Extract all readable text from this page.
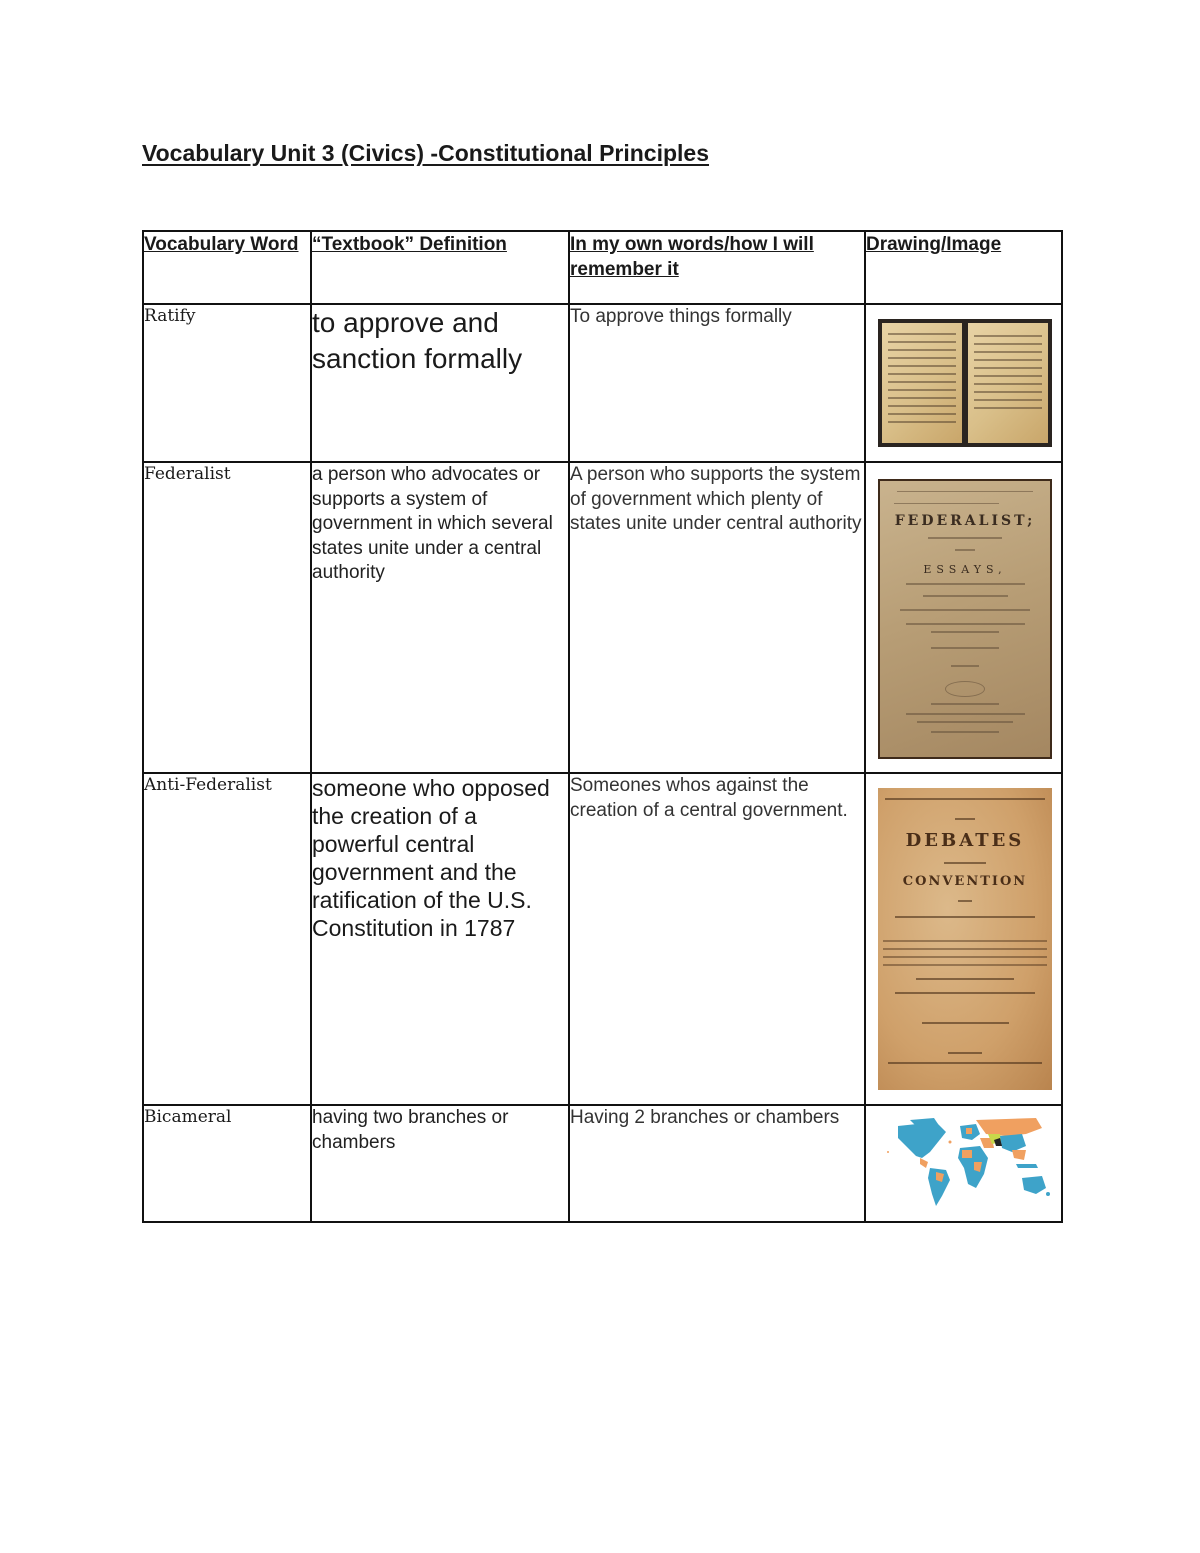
Vocabulary Unit 3 (Civics) -Constitutional Principles
Vocabulary Word	“Textbook” Definition	In my own words/how I will remember it	Drawing/Image
Ratify	to approve and sanction formally	To approve things formally	

Federalist	a person who advocates or supports a system of government in which several states unite under a central authority	A person who supports the system of government which plenty of states unite under central authority	FEDERALIST;
ESSAYS,

Anti-Federalist	someone who opposed the creation of a powerful central government and the ratification of the U.S. Constitution in 1787	Someones whos against the creation of a central government.	DEBATES
CONVENTION

Bicameral	having two branches or chambers	Having 2 branches or chambers	
